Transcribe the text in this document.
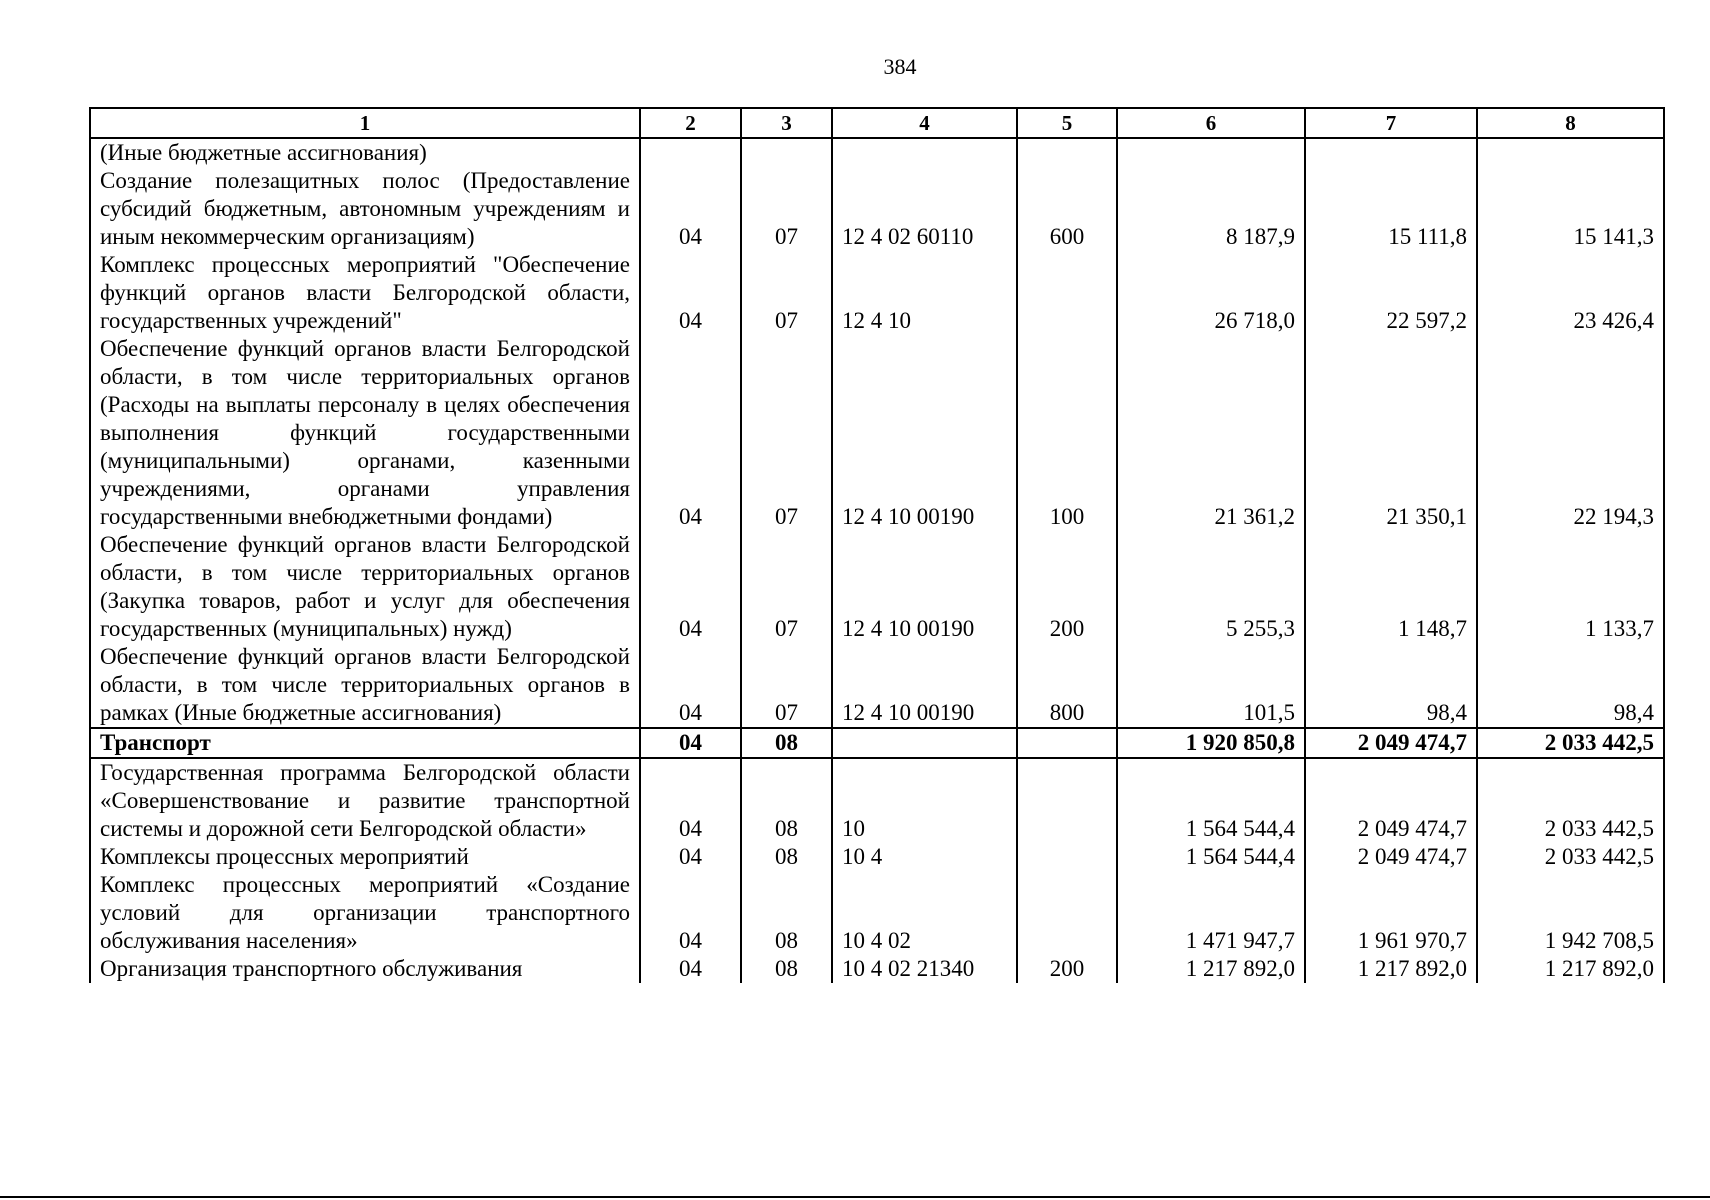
384
1	2	3	4	5	6	7	8
(Иные бюджетные ассигнования)							
Создание полезащитных полос (Предоставление субсидий бюджетным, автономным учреждениям и иным некоммерческим организациям)	04	07	12 4 02 60110	600	8 187,9	15 111,8	15 141,3
Комплекс процессных мероприятий "Обеспечение функций органов власти Белгородской области, государственных учреждений"	04	07	12 4 10		26 718,0	22 597,2	23 426,4
Обеспечение функций органов власти Белгородской области, в том числе территориальных органов (Расходы на выплаты персоналу в целях обеспечения выполнения функций государственными (муниципальными) органами, казенными учреждениями, органами управления государственными внебюджетными фондами)	04	07	12 4 10 00190	100	21 361,2	21 350,1	22 194,3
Обеспечение функций органов власти Белгородской области, в том числе территориальных органов (Закупка товаров, работ и услуг для обеспечения государственных (муниципальных) нужд)	04	07	12 4 10 00190	200	5 255,3	1 148,7	1 133,7
Обеспечение функций органов власти Белгородской области, в том числе территориальных органов в рамках (Иные бюджетные ассигнования)	04	07	12 4 10 00190	800	101,5	98,4	98,4
Транспорт	04	08			1 920 850,8	2 049 474,7	2 033 442,5
Государственная программа Белгородской области «Совершенствование и развитие транспортной системы и дорожной сети Белгородской области»	04	08	10		1 564 544,4	2 049 474,7	2 033 442,5
Комплексы процессных мероприятий	04	08	10 4		1 564 544,4	2 049 474,7	2 033 442,5
Комплекс процессных мероприятий «Создание условий для организации транспортного обслуживания населения»	04	08	10 4 02		1 471 947,7	1 961 970,7	1 942 708,5
Организация транспортного обслуживания	04	08	10 4 02 21340	200	1 217 892,0	1 217 892,0	1 217 892,0
